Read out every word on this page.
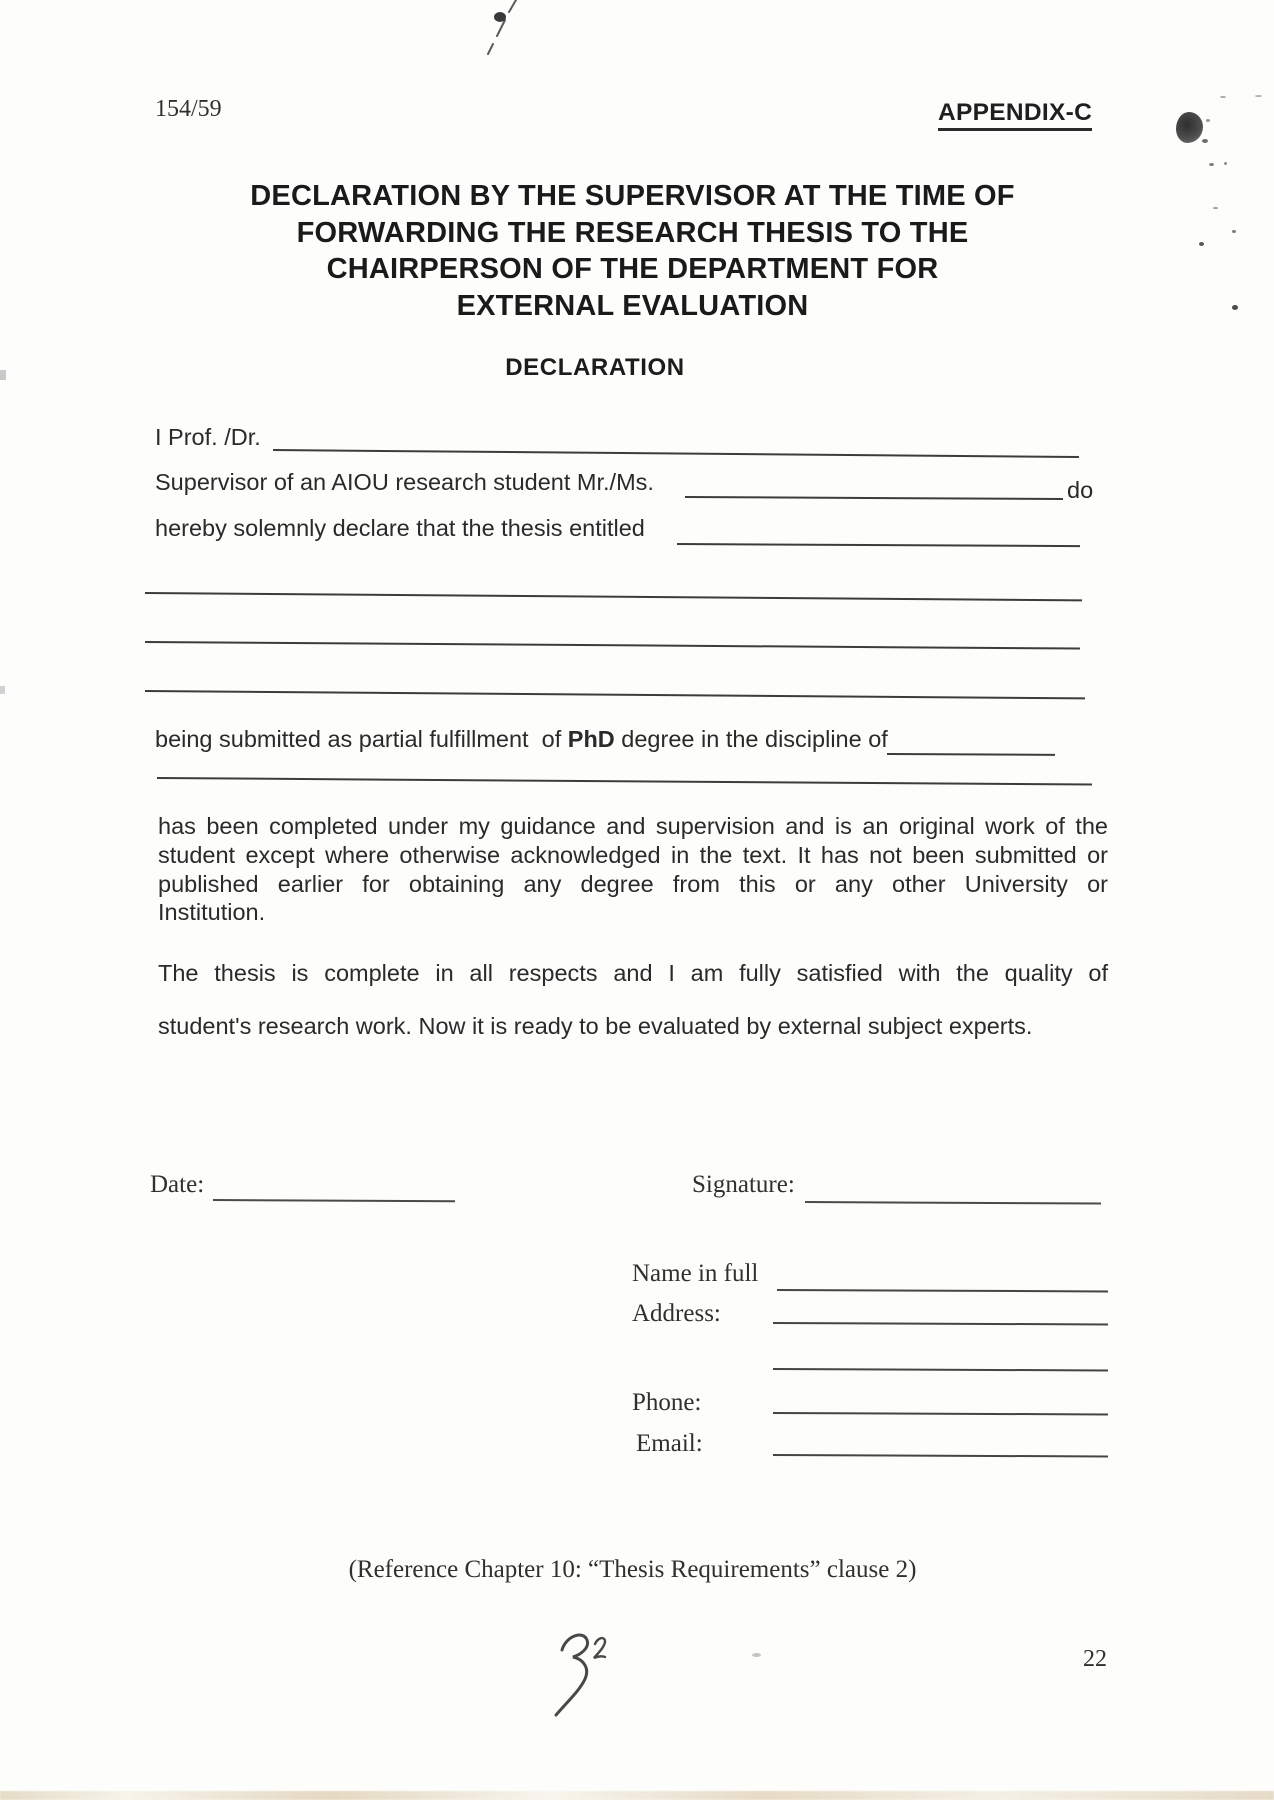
154/59	APPENDIX-C
DECLARATION BY THE SUPERVISOR AT THE TIME OF
FORWARDING THE RESEARCH THESIS TO THE
CHAIRPERSON OF THE DEPARTMENT FOR
EXTERNAL EVALUATION
DECLARATION
I Prof. /Dr.
Supervisor of an AIOU research student Mr./Ms.	do
hereby solemnly declare that the thesis entitled
being submitted as partial fulfillment  of PhD degree in the discipline of
has been completed under my guidance and supervision and is an original work of the
student except where otherwise acknowledged in the text. It has not been submitted or
published earlier for obtaining any degree from this or any other University or
Institution.
The thesis is complete in all respects and I am fully satisfied with the quality of
student's research work. Now it is ready to be evaluated by external subject experts.
Date:	Signature:
Name in full
Address:
Phone:
Email:
(Reference Chapter 10: “Thesis Requirements” clause 2)
22
